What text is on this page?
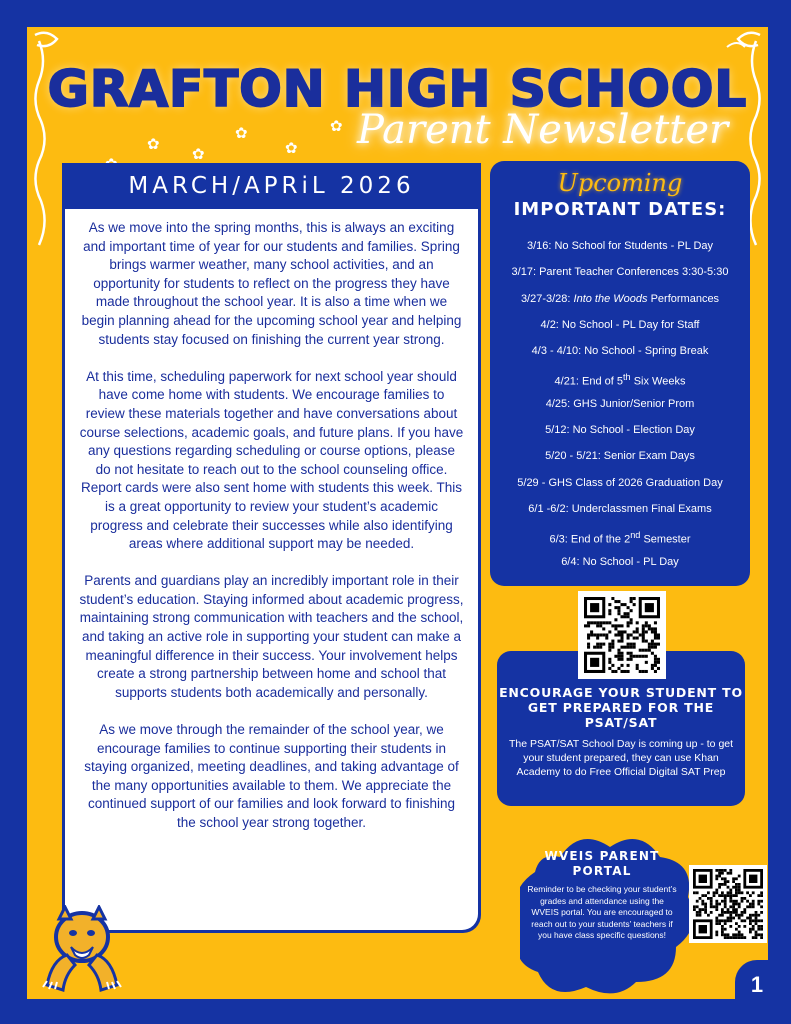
GRAFTON HIGH SCHOOL
Parent Newsletter
✿
✿
✿
✿
✿
MARCH/APRiL 2026

As we move into the spring months, this is always an exciting and important time of year for our students and families. Spring brings warmer weather, many school activities, and an opportunity for students to reflect on the progress they have made throughout the school year. It is also a time when we begin planning ahead for the upcoming school year and helping students stay focused on finishing the current year strong.

At this time, scheduling paperwork for next school year should have come home with students. We encourage families to review these materials together and have conversations about course selections, academic goals, and future plans. If you have any questions regarding scheduling or course options, please do not hesitate to reach out to the school counseling office.

Report cards were also sent home with students this week. This is a great opportunity to review your student’s academic progress and celebrate their successes while also identifying areas where additional support may be needed.

Parents and guardians play an incredibly important role in their student’s education. Staying informed about academic progress, maintaining strong communication with teachers and the school, and taking an active role in supporting your student can make a meaningful difference in their success. Your involvement helps create a strong partnership between home and school that supports students both academically and personally.

As we move through the remainder of the school year, we encourage families to continue supporting their students in staying organized, meeting deadlines, and taking advantage of the many opportunities available to them. We appreciate the continued support of our families and look forward to finishing the school year strong together.

Upcoming
IMPORTANT DATES:
3/16: No School for Students - PL Day
3/17: Parent Teacher Conferences 3:30-5:30
3/27-3/28: Into the Woods Performances
4/2: No School - PL Day for Staff
4/3 - 4/10: No School - Spring Break
4/21: End of 5th Six Weeks
4/25: GHS Junior/Senior Prom
5/12: No School - Election Day
5/20 - 5/21: Senior Exam Days
5/29 - GHS Class of 2026 Graduation Day
6/1 -6/2: Underclassmen Final Exams
6/3: End of the 2nd Semester
6/4: No School - PL Day
ENCOURAGE YOUR STUDENT TO GET PREPARED FOR THE PSAT/SAT
The PSAT/SAT School Day is coming up - to get your student prepared, they can use Khan Academy to do Free Official Digital SAT Prep
WVEIS PARENT PORTAL
Reminder to be checking your student’s grades and attendance using the WVEIS portal. You are encouraged to reach out to your students’ teachers if you have class specific questions!
1
